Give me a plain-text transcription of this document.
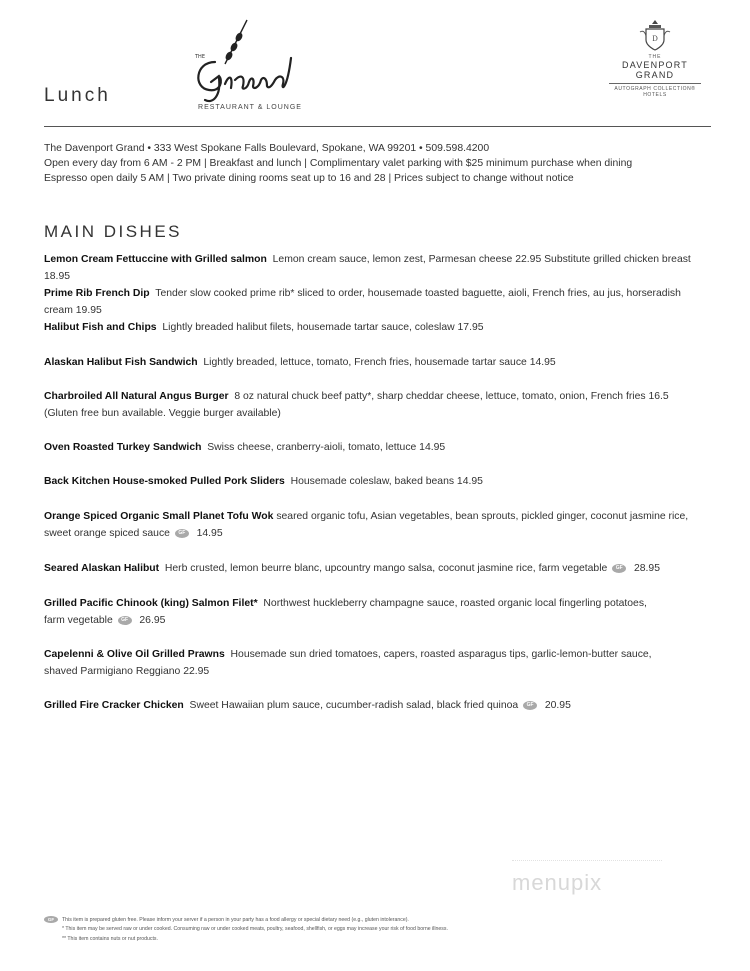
Lunch
THE
RESTAURANT & LOUNGE
D
THE
DAVENPORT
GRAND
AUTOGRAPH COLLECTION®
HOTELS
The Davenport Grand • 333 West Spokane Falls Boulevard, Spokane, WA 99201 • 509.598.4200
Open every day from 6 AM - 2 PM | Breakfast and lunch | Complimentary valet parking with $25 minimum purchase when dining
Espresso open daily 5 AM | Two private dining rooms seat up to 16 and 28 | Prices subject to change without notice
MAIN DISHES
Lemon Cream Fettuccine with Grilled salmon Lemon cream sauce, lemon zest, Parmesan cheese 22.95 Substitute grilled chicken breast 18.95
Prime Rib French Dip Tender slow cooked prime rib* sliced to order, housemade toasted baguette, aioli, French fries, au jus, horseradish cream 19.95
Halibut Fish and Chips Lightly breaded halibut filets, housemade tartar sauce, coleslaw 17.95
Alaskan Halibut Fish Sandwich Lightly breaded, lettuce, tomato, French fries, housemade tartar sauce 14.95
Charbroiled All Natural Angus Burger 8 oz natural chuck beef patty*, sharp cheddar cheese, lettuce, tomato, onion, French fries 16.5
(Gluten free bun available. Veggie burger available)
Oven Roasted Turkey Sandwich Swiss cheese, cranberry-aioli, tomato, lettuce 14.95
Back Kitchen House-smoked Pulled Pork Sliders Housemade coleslaw, baked beans 14.95
Orange Spiced Organic Small Planet Tofu Wok seared organic tofu, Asian vegetables, bean sprouts, pickled ginger, coconut jasmine rice,
sweet orange spiced sauce GF 14.95
Seared Alaskan Halibut Herb crusted, lemon beurre blanc, upcountry mango salsa, coconut jasmine rice, farm vegetable GF 28.95
Grilled Pacific Chinook (king) Salmon Filet* Northwest huckleberry champagne sauce, roasted organic local fingerling potatoes,
farm vegetable GF 26.95
Capelenni & Olive Oil Grilled Prawns Housemade sun dried tomatoes, capers, roasted asparagus tips, garlic-lemon-butter sauce,
shaved Parmigiano Reggiano 22.95
Grilled Fire Cracker Chicken Sweet Hawaiian plum sauce, cucumber-radish salad, black fried quinoa GF 20.95
menupix
GF This item is prepared gluten free. Please inform your server if a person in your party has a food allergy or special dietary need (e.g., gluten intolerance).
* This item may be served raw or under cooked. Consuming raw or under cooked meats, poultry, seafood, shellfish, or eggs may increase your risk of food borne illness.
** This item contains nuts or nut products.
